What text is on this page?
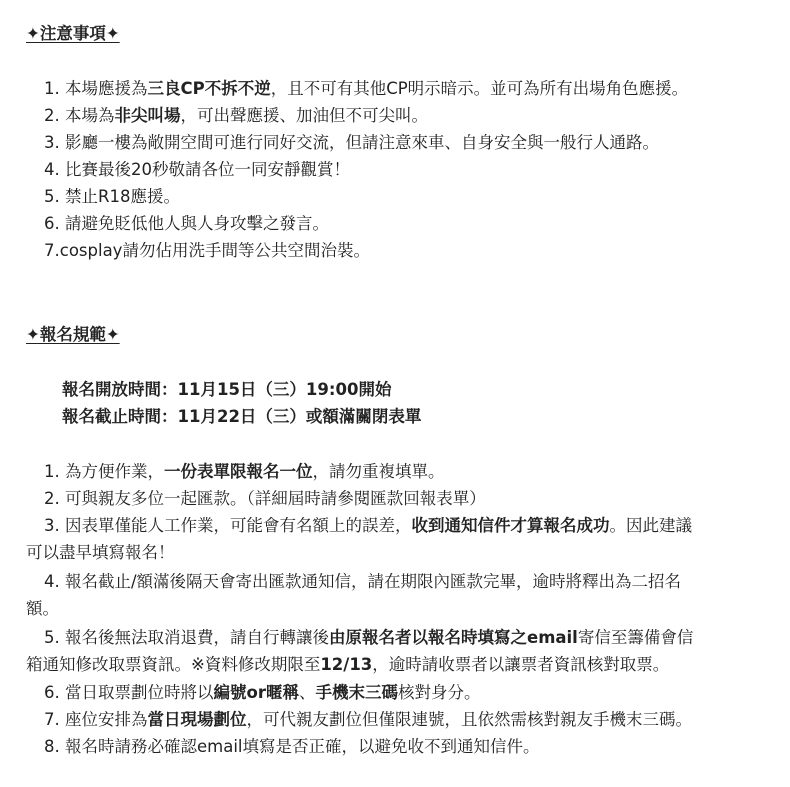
✦注意事項✦
1. 本場應援為三良CP不拆不逆，且不可有其他CP明示暗示。並可為所有出場角色應援。
2. 本場為非尖叫場，可出聲應援、加油但不可尖叫。
3. 影廳一樓為敞開空間可進行同好交流，但請注意來車、自身安全與一般行人通路。
4. 比賽最後20秒敬請各位一同安靜觀賞！
5. 禁止R18應援。
6. 請避免貶低他人與人身攻擊之發言。
7.cosplay請勿佔用洗手間等公共空間治裝。
✦報名規範✦
報名開放時間：11月15日（三）19:00開始
報名截止時間：11月22日（三）或額滿關閉表單
1. 為方便作業，一份表單限報名一位，請勿重複填單。
2. 可與親友多位一起匯款。（詳細屆時請參閱匯款回報表單）
3. 因表單僅能人工作業，可能會有名額上的誤差，收到通知信件才算報名成功。因此建議
可以盡早填寫報名！
4. 報名截止/額滿後隔天會寄出匯款通知信，請在期限內匯款完畢，逾時將釋出為二招名
額。
5. 報名後無法取消退費，請自行轉讓後由原報名者以報名時填寫之email寄信至籌備會信
箱通知修改取票資訊。※資料修改期限至12/13，逾時請收票者以讓票者資訊核對取票。
6. 當日取票劃位時將以編號or暱稱、手機末三碼核對身分。
7. 座位安排為當日現場劃位，可代親友劃位但僅限連號，且依然需核對親友手機末三碼。
8. 報名時請務必確認email填寫是否正確，以避免收不到通知信件。
